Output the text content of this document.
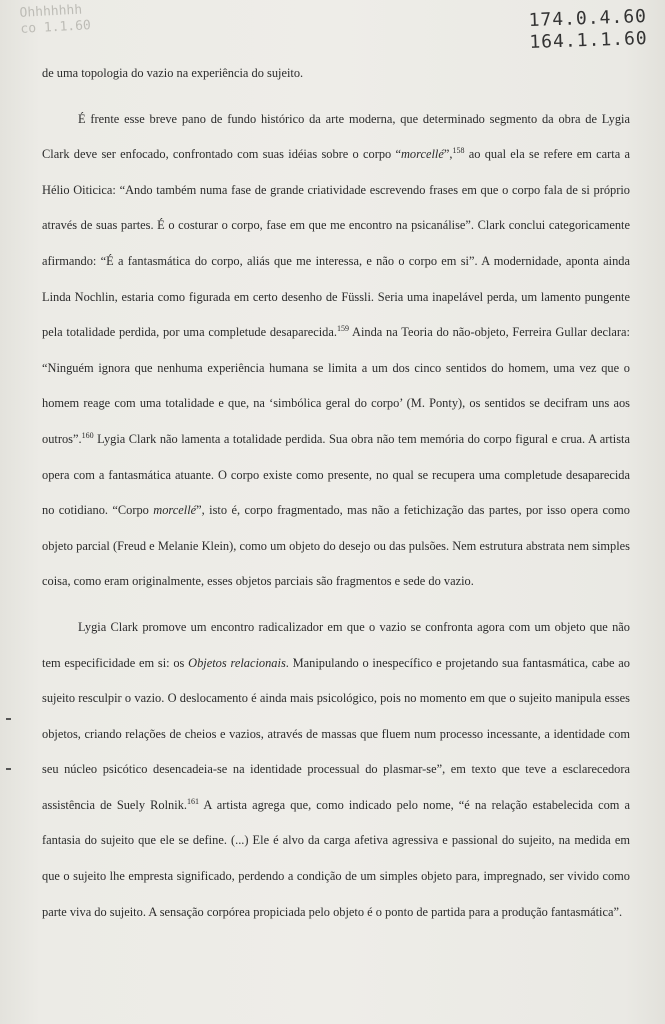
Ohhhhhhh
co 1.1.60	174.0.4.60
164.1.1.60

de uma topologia do vazio na experiência do sujeito.

É frente esse breve pano de fundo histórico da arte moderna, que determinado segmento da obra de Lygia Clark deve ser enfocado, confrontado com suas idéias sobre o corpo “morcellé”,$^{158}$ ao qual ela se refere em carta a Hélio Oiticica: “Ando também numa fase de grande criatividade escrevendo frases em que o corpo fala de si próprio através de suas partes. É o costurar o corpo, fase em que me encontro na psicanálise”. Clark conclui categoricamente afirmando: “É a fantasmática do corpo, aliás que me interessa, e não o corpo em si”. A modernidade, aponta ainda Linda Nochlin, estaria como figurada em certo desenho de Füssli. Seria uma inapelável perda, um lamento pungente pela totalidade perdida, por uma completude desaparecida.$^{159}$ Ainda na Teoria do não-objeto, Ferreira Gullar declara: “Ninguém ignora que nenhuma experiência humana se limita a um dos cinco sentidos do homem, uma vez que o homem reage com uma totalidade e que, na ‘simbólica geral do corpo’ (M. Ponty), os sentidos se decifram uns aos outros”.$^{160}$ Lygia Clark não lamenta a totalidade perdida. Sua obra não tem memória do corpo figural e crua. A artista opera com a fantasmática atuante. O corpo existe como presente, no qual se recupera uma completude desaparecida no cotidiano. “Corpo morcellé”, isto é, corpo fragmentado, mas não a fetichização das partes, por isso opera como objeto parcial (Freud e Melanie Klein), como um objeto do desejo ou das pulsões. Nem estrutura abstrata nem simples coisa, como eram originalmente, esses objetos parciais são fragmentos e sede do vazio.

Lygia Clark promove um encontro radicalizador em que o vazio se confronta agora com um objeto que não tem especificidade em si: os Objetos relacionais. Manipulando o inespecífico e projetando sua fantasmática, cabe ao sujeito resculpir o vazio. O deslocamento é ainda mais psicológico, pois no momento em que o sujeito manipula esses objetos, criando relações de cheios e vazios, através de massas que fluem num processo incessante, a identidade com seu núcleo psicótico desencadeia-se na identidade processual do plasmar-se”, em texto que teve a esclarecedora assistência de Suely Rolnik.$^{161}$ A artista agrega que, como indicado pelo nome, “é na relação estabelecida com a fantasia do sujeito que ele se define. (...) Ele é alvo da carga afetiva agressiva e passional do sujeito, na medida em que o sujeito lhe empresta significado, perdendo a condição de um simples objeto para, impregnado, ser vivido como parte viva do sujeito. A sensação corpórea propiciada pelo objeto é o ponto de partida para a produção fantasmática”.
